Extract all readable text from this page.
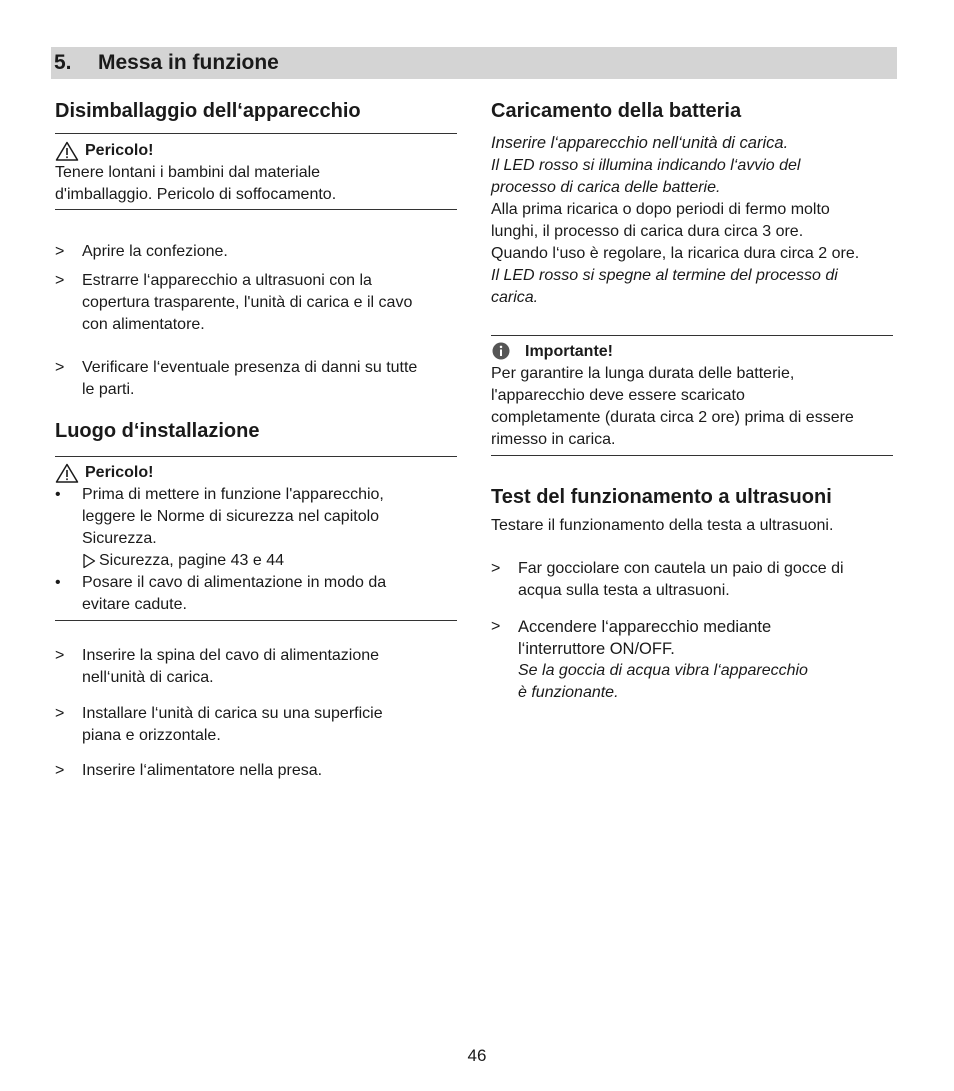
5.	Messa in funzione
Disimballaggio dell‘apparecchio
Pericolo!
Tenere lontani i bambini dal materiale
d'imballaggio. Pericolo di soffocamento.
>	Aprire la confezione.
>	Estrarre l‘apparecchio a ultrasuoni con la
copertura trasparente, l'unità di carica e il cavo
con alimentatore.
>	Verificare l‘eventuale presenza di danni su tutte
le parti.
Luogo d‘installazione
Pericolo!
•	Prima di mettere in funzione l'apparecchio,
leggere le Norme di sicurezza nel capitolo
Sicurezza.
Sicurezza, pagine 43 e 44
•	Posare il cavo di alimentazione in modo da
evitare cadute.
>	Inserire la spina del cavo di alimentazione
nell‘unità di carica.
>	Installare l‘unità di carica su una superficie
piana e orizzontale.
>	Inserire l‘alimentatore nella presa.
Caricamento della batteria
Inserire l‘apparecchio nell‘unità di carica.
Il LED rosso si illumina indicando l‘avvio del
processo di carica delle batterie.
Alla prima ricarica o dopo periodi di fermo molto
lunghi, il processo di carica dura circa 3 ore.
Quando l‘uso è regolare, la ricarica dura circa 2 ore.
Il LED rosso si spegne al termine del processo di
carica.
Importante!
Per garantire la lunga durata delle batterie,
l'apparecchio deve essere scaricato
completamente (durata circa 2 ore) prima di essere
rimesso in carica.
Test del funzionamento a ultrasuoni
Testare il funzionamento della testa a ultrasuoni.
>	Far gocciolare con cautela un paio di gocce di
acqua sulla testa a ultrasuoni.
>	Accendere l‘apparecchio mediante
l‘interruttore ON/OFF.
Se la goccia di acqua vibra l‘apparecchio
è funzionante.
46
